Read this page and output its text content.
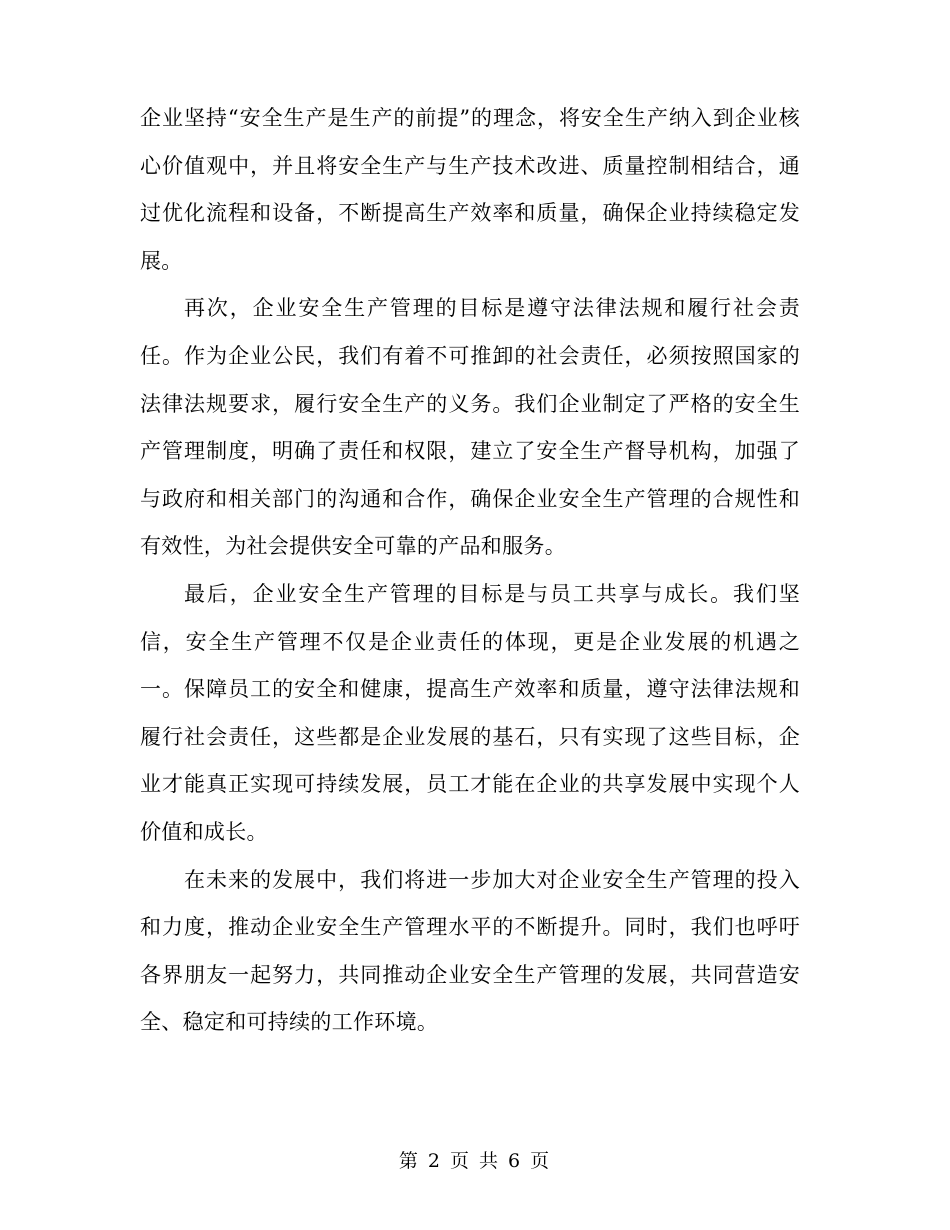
企业坚持“安全生产是生产的前提”的理念，将安全生产纳入到企业核心价值观中，并且将安全生产与生产技术改进、质量控制相结合，通过优化流程和设备，不断提高生产效率和质量，确保企业持续稳定发展。

再次，企业安全生产管理的目标是遵守法律法规和履行社会责任。作为企业公民，我们有着不可推卸的社会责任，必须按照国家的法律法规要求，履行安全生产的义务。我们企业制定了严格的安全生产管理制度，明确了责任和权限，建立了安全生产督导机构，加强了与政府和相关部门的沟通和合作，确保企业安全生产管理的合规性和有效性，为社会提供安全可靠的产品和服务。

最后，企业安全生产管理的目标是与员工共享与成长。我们坚信，安全生产管理不仅是企业责任的体现，更是企业发展的机遇之一。保障员工的安全和健康，提高生产效率和质量，遵守法律法规和履行社会责任，这些都是企业发展的基石，只有实现了这些目标，企业才能真正实现可持续发展，员工才能在企业的共享发展中实现个人价值和成长。

在未来的发展中，我们将进一步加大对企业安全生产管理的投入和力度，推动企业安全生产管理水平的不断提升。同时，我们也呼吁各界朋友一起努力，共同推动企业安全生产管理的发展，共同营造安全、稳定和可持续的工作环境。

第 2 页 共 6 页
